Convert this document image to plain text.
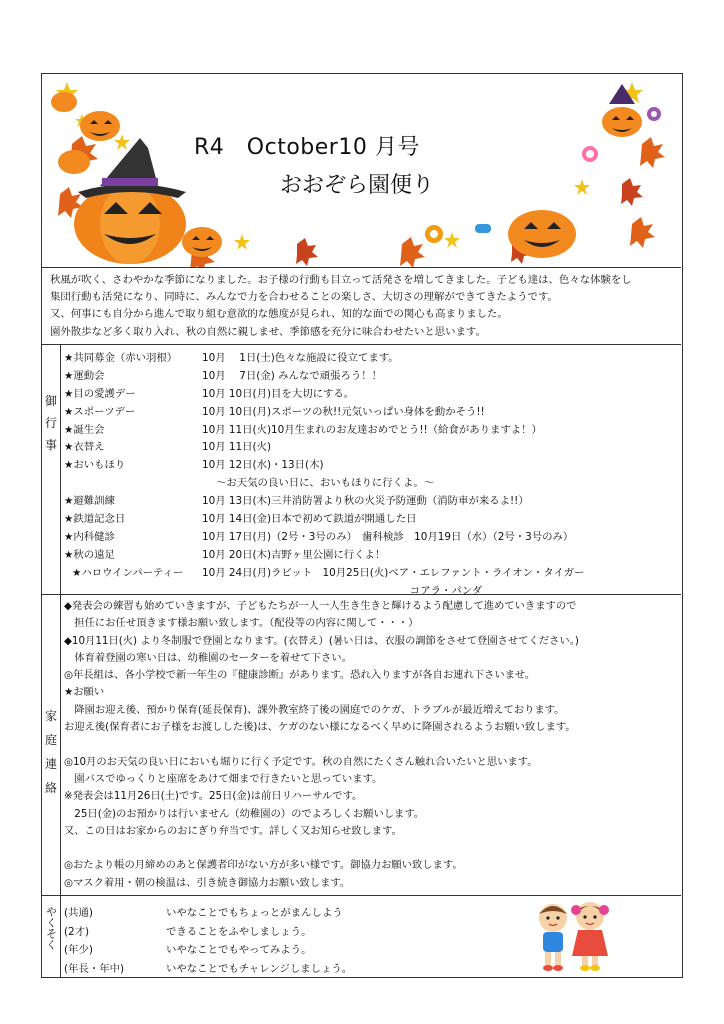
R4　October10 月号
おおぞら園便り
秋風が吹く、さわやかな季節になりました。お子様の行動も目立って活発さを増してきました。子ども達は、色々な体験をし
集団行動も活発になり、同時に、みんなで力を合わせることの楽しさ、大切さの理解ができてきたようです。
又、何事にも自分から進んで取り組む意欲的な態度が見られ、知的な面での関心も高まりました。
園外散歩など多く取り入れ、秋の自然に親しませ、季節感を充分に味合わせたいと思います。
御
行
事
家
庭
連
絡
やくそく
★共同募金（赤い羽根） 10月　 1日(土)色々な施設に役立てます。
★運動会	10月　 7日(金) みんなで頑張ろう！！
★目の愛護デー	10月 10日(月)目を大切にする。
★スポーツデー	10月 10日(月)スポーツの秋!!元気いっぱい身体を動かそう!!
★誕生会	10月 11日(火)10月生まれのお友達おめでとう!!（給食がありますよ！）
★衣替え	10月 11日(火)
★おいもほり	10月 12日(水)・13日(木)
～お天気の良い日に、おいもほりに行くよ。～
★避難訓練	10月 13日(木)三井消防署より秋の火災予防運動（消防車が来るよ!!）
★鉄道記念日	10月 14日(金)日本で初めて鉄道が開通した日
★内科健診	10月 17日(月)（2号・3号のみ）　歯科検診　10月19日（水）（2号・3号のみ）
★秋の遠足	10月 20日(木)吉野ヶ里公園に行くよ！
★ハロウインパーティー 10月 24日(月)ラビット　10月25日(火)ベア・エレファント・ライオン・タイガー
　　　　　　　　　　　　　　　　　　　　コアラ・パンダ
◆発表会の練習も始めていきますが、子どもたちが一人一人生き生きと輝けるよう配慮して進めていきますので
　担任にお任せ頂きます様お願い致します。（配役等の内容に関して・・・）
◆10月11日(火) より冬制服で登園となります。(衣替え）(暑い日は、衣服の調節をさせて登園させてください。)
　体育着登園の寒い日は、幼稚園のセーターを着せて下さい。
◎年長組は、各小学校で新一年生の『健康診断』があります。恐れ入りますが各自お連れ下さいませ。
★お願い
　降園お迎え後、預かり保育(延長保育)、課外教室終了後の園庭でのケガ、トラブルが最近増えております。
お迎え後(保育者にお子様をお渡しした後)は、ケガのない様になるべく早めに降園されるようお願い致します。
◎10月のお天気の良い日においも堀りに行く予定です。秋の自然にたくさん触れ合いたいと思います。
　園バスでゆっくりと座席をあけて畑まで行きたいと思っています。
※発表会は11月26日(土)です。25日(金)は前日リハーサルです。
　25日(金)のお預かりは行いません（幼稚園の）のでよろしくお願いします。
又、この日はお家からのおにぎり弁当です。詳しく又お知らせ致します。
◎おたより帳の月締めのあと保護者印がない方が多い様です。御協力お願い致します。
◎マスク着用・朝の検温は、引き続き御協力お願い致します。
(共通)	いやなことでもちょっとがまんしよう
(2才)	できることをふやしましょう。
(年少)	いやなことでもやってみよう。
(年長・年中)	いやなことでもチャレンジしましょう。
